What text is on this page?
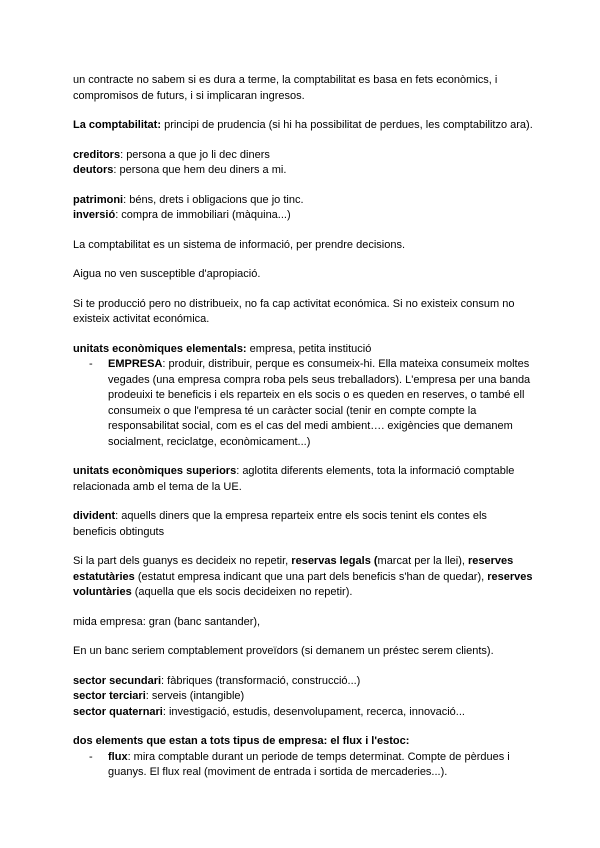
un contracte no sabem si es dura a terme, la comptabilitat es basa en fets econòmics, i compromisos de futurs, i si implicaran ingresos.

La comptabilitat: principi de prudencia (si hi ha possibilitat de perdues, les comptabilitzo ara).

creditors: persona a que jo li dec diners

deutors: persona que hem deu diners a mi.

patrimoni: béns, drets i obligacions que jo tinc.

inversió: compra de immobiliari (màquina...)

La comptabilitat es un sistema de informació, per prendre decisions.

Aigua no ven susceptible d'apropiació.

Si te producció pero no distribueix, no fa cap activitat económica. Si no existeix consum no existeix activitat económica.

unitats econòmiques elementals: empresa, petita institució

- EMPRESA: produir, distribuir, perque es consumeix-hi. Ella mateixa consumeix moltes vegades (una empresa compra roba pels seus treballadors). L'empresa per una banda prodeuixi te beneficis i els reparteix en els socis o es queden en reserves, o també ell consumeix o que l'empresa té un caràcter social (tenir en compte compte la responsabilitat social, com es el cas del medi ambient…. exigències que demanem socialment, reciclatge, econòmicament...)

unitats econòmiques superiors: aglotita diferents elements, tota la informació comptable relacionada amb el tema de la UE.

divident: aquells diners que la empresa reparteix entre els socis tenint els contes els beneficis obtinguts

Si la part dels guanys es decideix no repetir, reservas legals (marcat per la llei), reserves estatutàries (estatut empresa indicant que una part dels beneficis s'han de quedar), reserves voluntàries (aquella que els socis decideixen no repetir).

mida empresa: gran (banc santander),

En un banc seriem comptablement proveïdors (si demanem un préstec serem clients).

sector secundari: fàbriques (transformació, construcció...)

sector terciari: serveis (intangible)

sector quaternari: investigació, estudis, desenvolupament, recerca, innovació...

dos elements que estan a tots tipus de empresa: el flux i l'estoc:

- flux: mira comptable durant un periode de temps determinat. Compte de pèrdues i guanys. El flux real (moviment de entrada i sortida de mercaderies...).
